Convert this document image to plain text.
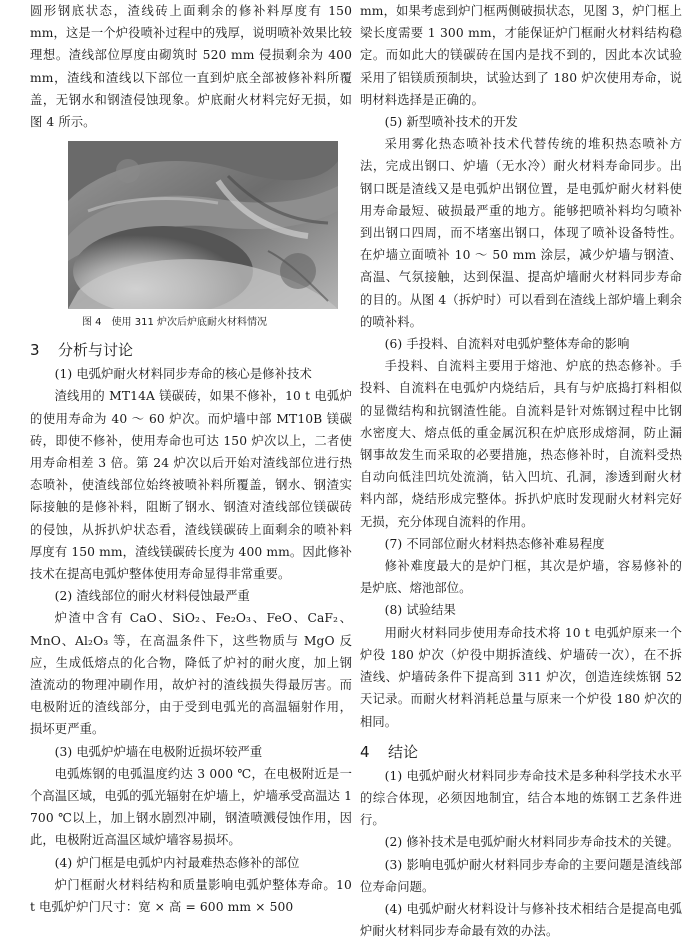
圆形钢底状态，渣线砖上面剩余的修补料厚度有 150 mm，这是一个炉役喷补过程中的残厚，说明喷补效果比较理想。渣线部位厚度由砌筑时 520 mm 侵损剩余为 400 mm，渣线和渣线以下部位一直到炉底全部被修补料所覆盖，无钢水和钢渣侵蚀现象。炉底耐火材料完好无损，如图 4 所示。

图 4 使用 311 炉次后炉底耐火材料情况
3 分析与讨论

(1) 电弧炉耐火材料同步寿命的核心是修补技术

渣线用的 MT14A 镁碳砖，如果不修补，10 t 电弧炉的使用寿命为 40 ～ 60 炉次。而炉墙中部 MT10B 镁碳砖，即使不修补，使用寿命也可达 150 炉次以上，二者使用寿命相差 3 倍。第 24 炉次以后开始对渣线部位进行热态喷补，使渣线部位始终被喷补料所覆盖，钢水、钢渣实际接触的是修补料，阻断了钢水、钢渣对渣线部位镁碳砖的侵蚀，从拆扒炉状态看，渣线镁碳砖上面剩余的喷补料厚度有 150 mm，渣线镁碳砖长度为 400 mm。因此修补技术在提高电弧炉整体使用寿命显得非常重要。

(2) 渣线部位的耐火材料侵蚀最严重

炉渣中含有 CaO、SiO₂、Fe₂O₃、FeO、CaF₂、MnO、Al₂O₃ 等，在高温条件下，这些物质与 MgO 反应，生成低熔点的化合物，降低了炉衬的耐火度，加上钢渣流动的物理冲刷作用，故炉衬的渣线损失得最厉害。而电极附近的渣线部分，由于受到电弧光的高温辐射作用，损坏更严重。

(3) 电弧炉炉墙在电极附近损坏较严重

电弧炼钢的电弧温度约达 3 000 ℃，在电极附近是一个高温区域，电弧的弧光辐射在炉墙上，炉墙承受高温达 1 700 ℃以上，加上钢水剧烈冲刷，钢渣喷溅侵蚀作用，因此，电极附近高温区域炉墙容易损坏。

(4) 炉门框是电弧炉内衬最难热态修补的部位

炉门框耐火材料结构和质量影响电弧炉整体寿命。10 t 电弧炉炉门尺寸：宽 × 高 = 600 mm × 500

mm，如果考虑到炉门框两侧破损状态，见图 3，炉门框上梁长度需要 1 300 mm，才能保证炉门框耐火材料结构稳定。而如此大的镁碳砖在国内是找不到的，因此本次试验采用了铝镁质预制块，试验达到了 180 炉次使用寿命，说明材料选择是正确的。

(5) 新型喷补技术的开发

采用雾化热态喷补技术代替传统的堆积热态喷补方法，完成出钢口、炉墙（无水冷）耐火材料寿命同步。出钢口既是渣线又是电弧炉出钢位置，是电弧炉耐火材料使用寿命最短、破损最严重的地方。能够把喷补料均匀喷补到出钢口四周，而不堵塞出钢口，体现了喷补设备特性。在炉墙立面喷补 10 ～ 50 mm 涂层，减少炉墙与钢渣、高温、气氛接触，达到保温、提高炉墙耐火材料同步寿命的目的。从图 4（拆炉时）可以看到在渣线上部炉墙上剩余的喷补料。

(6) 手投料、自流料对电弧炉整体寿命的影响

手投料、自流料主要用于熔池、炉底的热态修补。手投料、自流料在电弧炉内烧结后，具有与炉底捣打料相似的显微结构和抗钢渣性能。自流料是针对炼钢过程中比钢水密度大、熔点低的重金属沉积在炉底形成熔洞，防止漏钢事故发生而采取的必要措施，热态修补时，自流料受热自动向低洼凹坑处流淌，钻入凹坑、孔洞，渗透到耐火材料内部，烧结形成完整体。拆扒炉底时发现耐火材料完好无损，充分体现自流料的作用。

(7) 不同部位耐火材料热态修补难易程度

修补难度最大的是炉门框，其次是炉墙，容易修补的是炉底、熔池部位。

(8) 试验结果

用耐火材料同步使用寿命技术将 10 t 电弧炉原来一个炉役 180 炉次（炉役中期拆渣线、炉墙砖一次），在不拆渣线、炉墙砖条件下提高到 311 炉次，创造连续炼钢 52 天记录。而耐火材料消耗总量与原来一个炉役 180 炉次的相同。

4 结论

(1) 电弧炉耐火材料同步寿命技术是多种科学技术水平的综合体现，必须因地制宜，结合本地的炼钢工艺条件进行。

(2) 修补技术是电弧炉耐火材料同步寿命技术的关键。

(3) 影响电弧炉耐火材料同步寿命的主要问题是渣线部位寿命问题。

(4) 电弧炉耐火材料设计与修补技术相结合是提高电弧炉耐火材料同步寿命最有效的办法。
